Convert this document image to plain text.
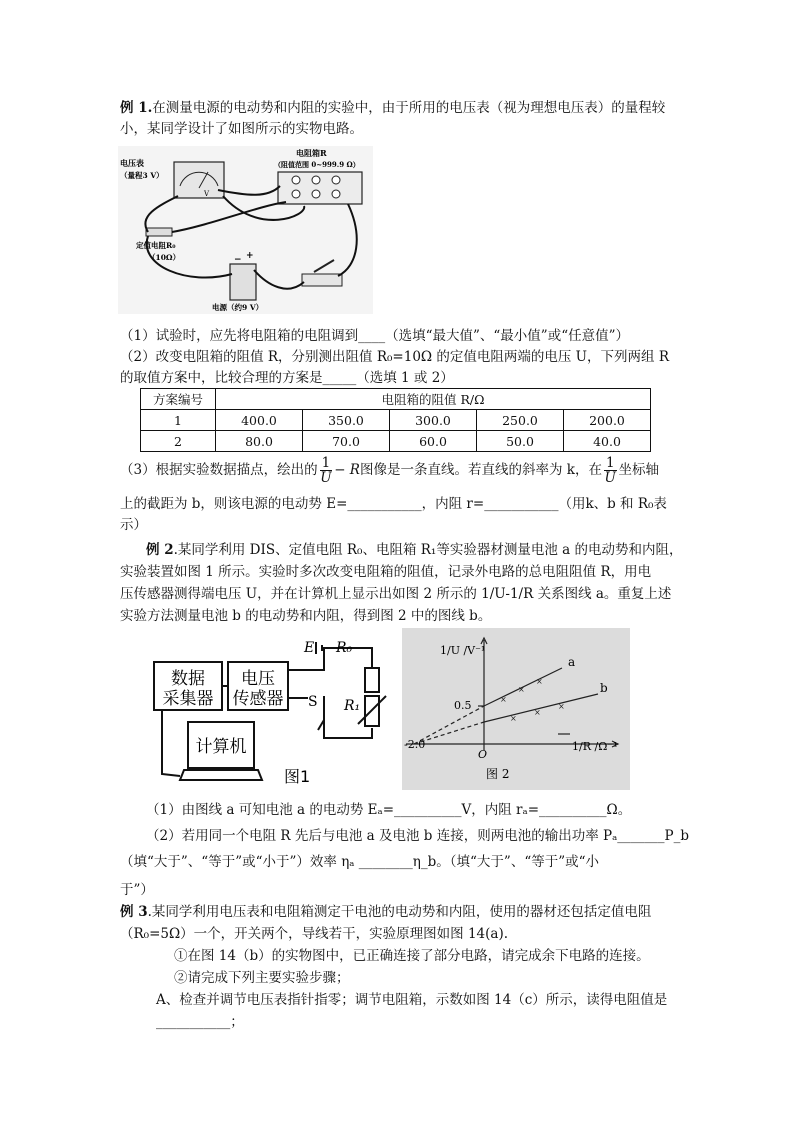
例 1.在测量电源的电动势和内阻的实验中，由于所用的电压表（视为理想电压表）的量程较
小，某同学设计了如图所示的实物电路。
V
电压表
（量程3 V）
电阻箱R
（阻值范围 0~999.9 Ω）
定值电阻R₀
（10Ω）	− +
电源（约9 V）
（1）试验时，应先将电阻箱的电阻调到____（选填“最大值”、“最小值”或“任意值”）
（2）改变电阻箱的阻值 R，分别测出阻值 R₀=10Ω 的定值电阻两端的电压 U，下列两组 R
的取值方案中，比较合理的方案是_____（选填 1 或 2）
方案编号	电阻箱的阻值 R/Ω				
1	400.0	350.0	300.0	250.0	200.0
2	80.0	70.0	60.0	50.0	40.0
（3）根据实验数据描点，绘出的 $\frac{1}{U} - R$图像是一条直线。若直线的斜率为 k，在 $\frac{1}{U}$ 坐标轴
上的截距为 b，则该电源的电动势 E=___________，内阻 r=___________（用k、b 和 R₀表
示）
例 2.某同学利用 DIS、定值电阻 R₀、电阻箱 R₁等实验器材测量电池 a 的电动势和内阻，
实验装置如图 1 所示。实验时多次改变电阻箱的阻值，记录外电路的总电阻阻值 R，用电
压传感器测得端电压 U，并在计算机上显示出如图 2 所示的 1/U-1/R 关系图线 a。重复上述
实验方法测量电池 b 的电动势和内阻，得到图 2 中的图线 b。
数据
采集器
电压
传感器
计算机
图1
E R₀
S R₁	×
×
×
×
×
×
1/U /V⁻¹
1/R /Ω⁻¹
0.5
-2.0
O
a
b
图 2
（1）由图线 a 可知电池 a 的电动势 Eₐ=__________V，内阻 rₐ=__________Ω。
（2）若用同一个电阻 R 先后与电池 a 及电池 b 连接，则两电池的输出功率 Pₐ_______P_b
（填“大于”、“等于”或“小于”）效率 ηₐ ________η_b。（填“大于”、“等于”或“小
于”）
例 3.某同学利用电压表和电阻箱测定干电池的电动势和内阻，使用的器材还包括定值电阻
（R₀=5Ω）一个，开关两个，导线若干，实验原理图如图 14(a).
①在图 14（b）的实物图中，已正确连接了部分电路，请完成余下电路的连接。
②请完成下列主要实验步骤；
A、检查并调节电压表指针指零；调节电阻箱，示数如图 14（c）所示，读得电阻值是
___________；
